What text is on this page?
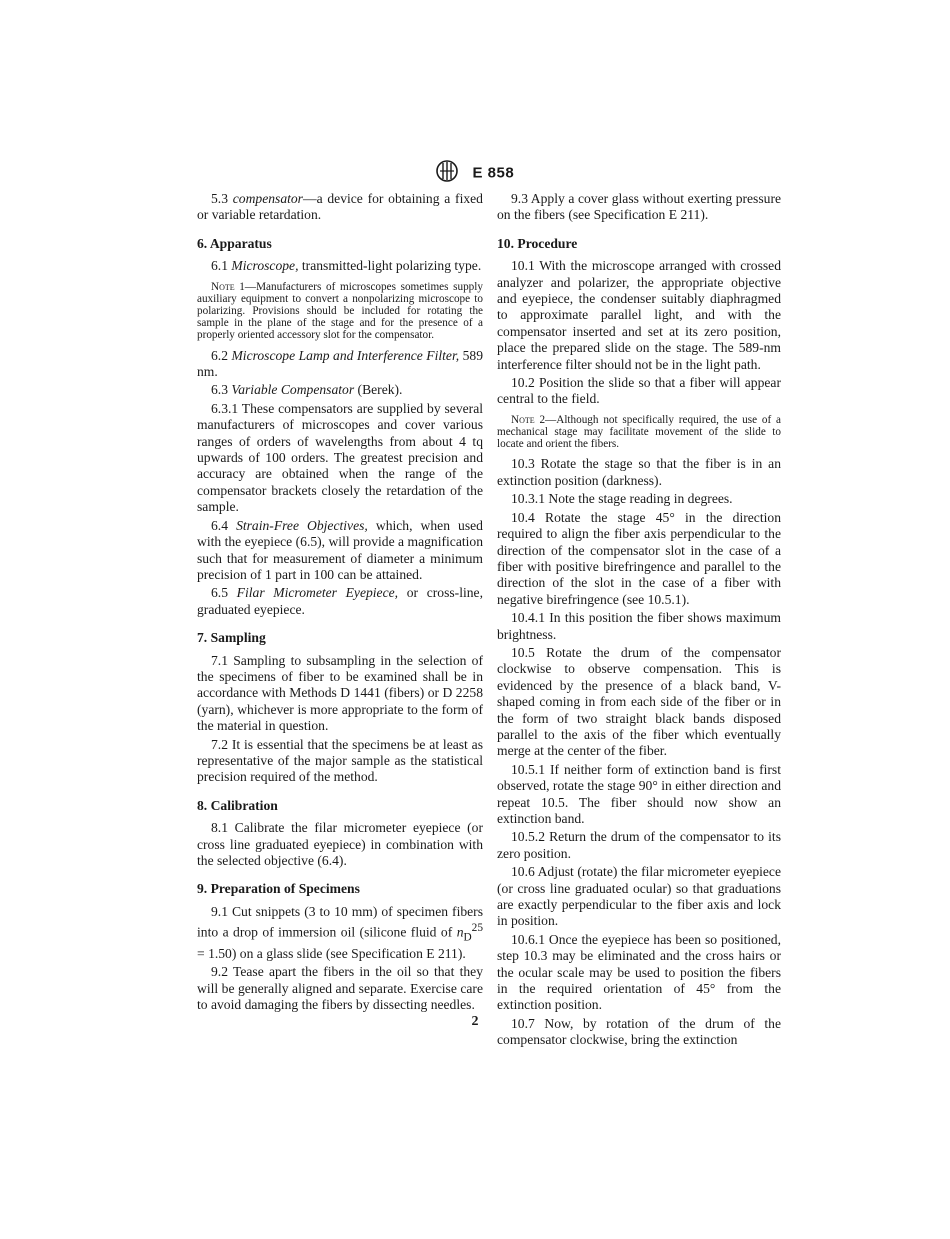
E 858

5.3 compensator—a device for obtaining a fixed or variable retardation.

6. Apparatus

6.1 Microscope, transmitted-light polarizing type.

Note 1—Manufacturers of microscopes sometimes supply auxiliary equipment to convert a nonpolarizing microscope to polarizing. Provisions should be included for rotating the sample in the plane of the stage and for the presence of a properly oriented accessory slot for the compensator.

6.2 Microscope Lamp and Interference Filter, 589 nm.

6.3 Variable Compensator (Berek).

6.3.1 These compensators are supplied by several manufacturers of microscopes and cover various ranges of orders of wavelengths from about 4 tq upwards of 100 orders. The greatest precision and accuracy are obtained when the range of the compensator brackets closely the retardation of the sample.

6.4 Strain-Free Objectives, which, when used with the eyepiece (6.5), will provide a magnification such that for measurement of diameter a minimum precision of 1 part in 100 can be attained.

6.5 Filar Micrometer Eyepiece, or cross-line, graduated eyepiece.

7. Sampling

7.1 Sampling to subsampling in the selection of the specimens of fiber to be examined shall be in accordance with Methods D 1441 (fibers) or D 2258 (yarn), whichever is more appropriate to the form of the material in question.

7.2 It is essential that the specimens be at least as representative of the major sample as the statistical precision required of the method.

8. Calibration

8.1 Calibrate the filar micrometer eyepiece (or cross line graduated eyepiece) in combination with the selected objective (6.4).

9. Preparation of Specimens

9.1 Cut snippets (3 to 10 mm) of specimen fibers into a drop of immersion oil (silicone fluid of $n_D^{25} = 1.50$) on a glass slide (see Specification E 211).

9.2 Tease apart the fibers in the oil so that they will be generally aligned and separate. Exercise care to avoid damaging the fibers by dissecting needles.

9.3 Apply a cover glass without exerting pressure on the fibers (see Specification E 211).

10. Procedure

10.1 With the microscope arranged with crossed analyzer and polarizer, the appropriate objective and eyepiece, the condenser suitably diaphragmed to approximate parallel light, and with the compensator inserted and set at its zero position, place the prepared slide on the stage. The 589-nm interference filter should not be in the light path.

10.2 Position the slide so that a fiber will appear central to the field.

Note 2—Although not specifically required, the use of a mechanical stage may facilitate movement of the slide to locate and orient the fibers.

10.3 Rotate the stage so that the fiber is in an extinction position (darkness).

10.3.1 Note the stage reading in degrees.

10.4 Rotate the stage 45° in the direction required to align the fiber axis perpendicular to the direction of the compensator slot in the case of a fiber with positive birefringence and parallel to the direction of the slot in the case of a fiber with negative birefringence (see 10.5.1).

10.4.1 In this position the fiber shows maximum brightness.

10.5 Rotate the drum of the compensator clockwise to observe compensation. This is evidenced by the presence of a black band, V-shaped coming in from each side of the fiber or in the form of two straight black bands disposed parallel to the axis of the fiber which eventually merge at the center of the fiber.

10.5.1 If neither form of extinction band is first observed, rotate the stage 90° in either direction and repeat 10.5. The fiber should now show an extinction band.

10.5.2 Return the drum of the compensator to its zero position.

10.6 Adjust (rotate) the filar micrometer eyepiece (or cross line graduated ocular) so that graduations are exactly perpendicular to the fiber axis and lock in position.

10.6.1 Once the eyepiece has been so positioned, step 10.3 may be eliminated and the cross hairs or the ocular scale may be used to position the fibers in the required orientation of 45° from the extinction position.

10.7 Now, by rotation of the drum of the compensator clockwise, bring the extinction

2
